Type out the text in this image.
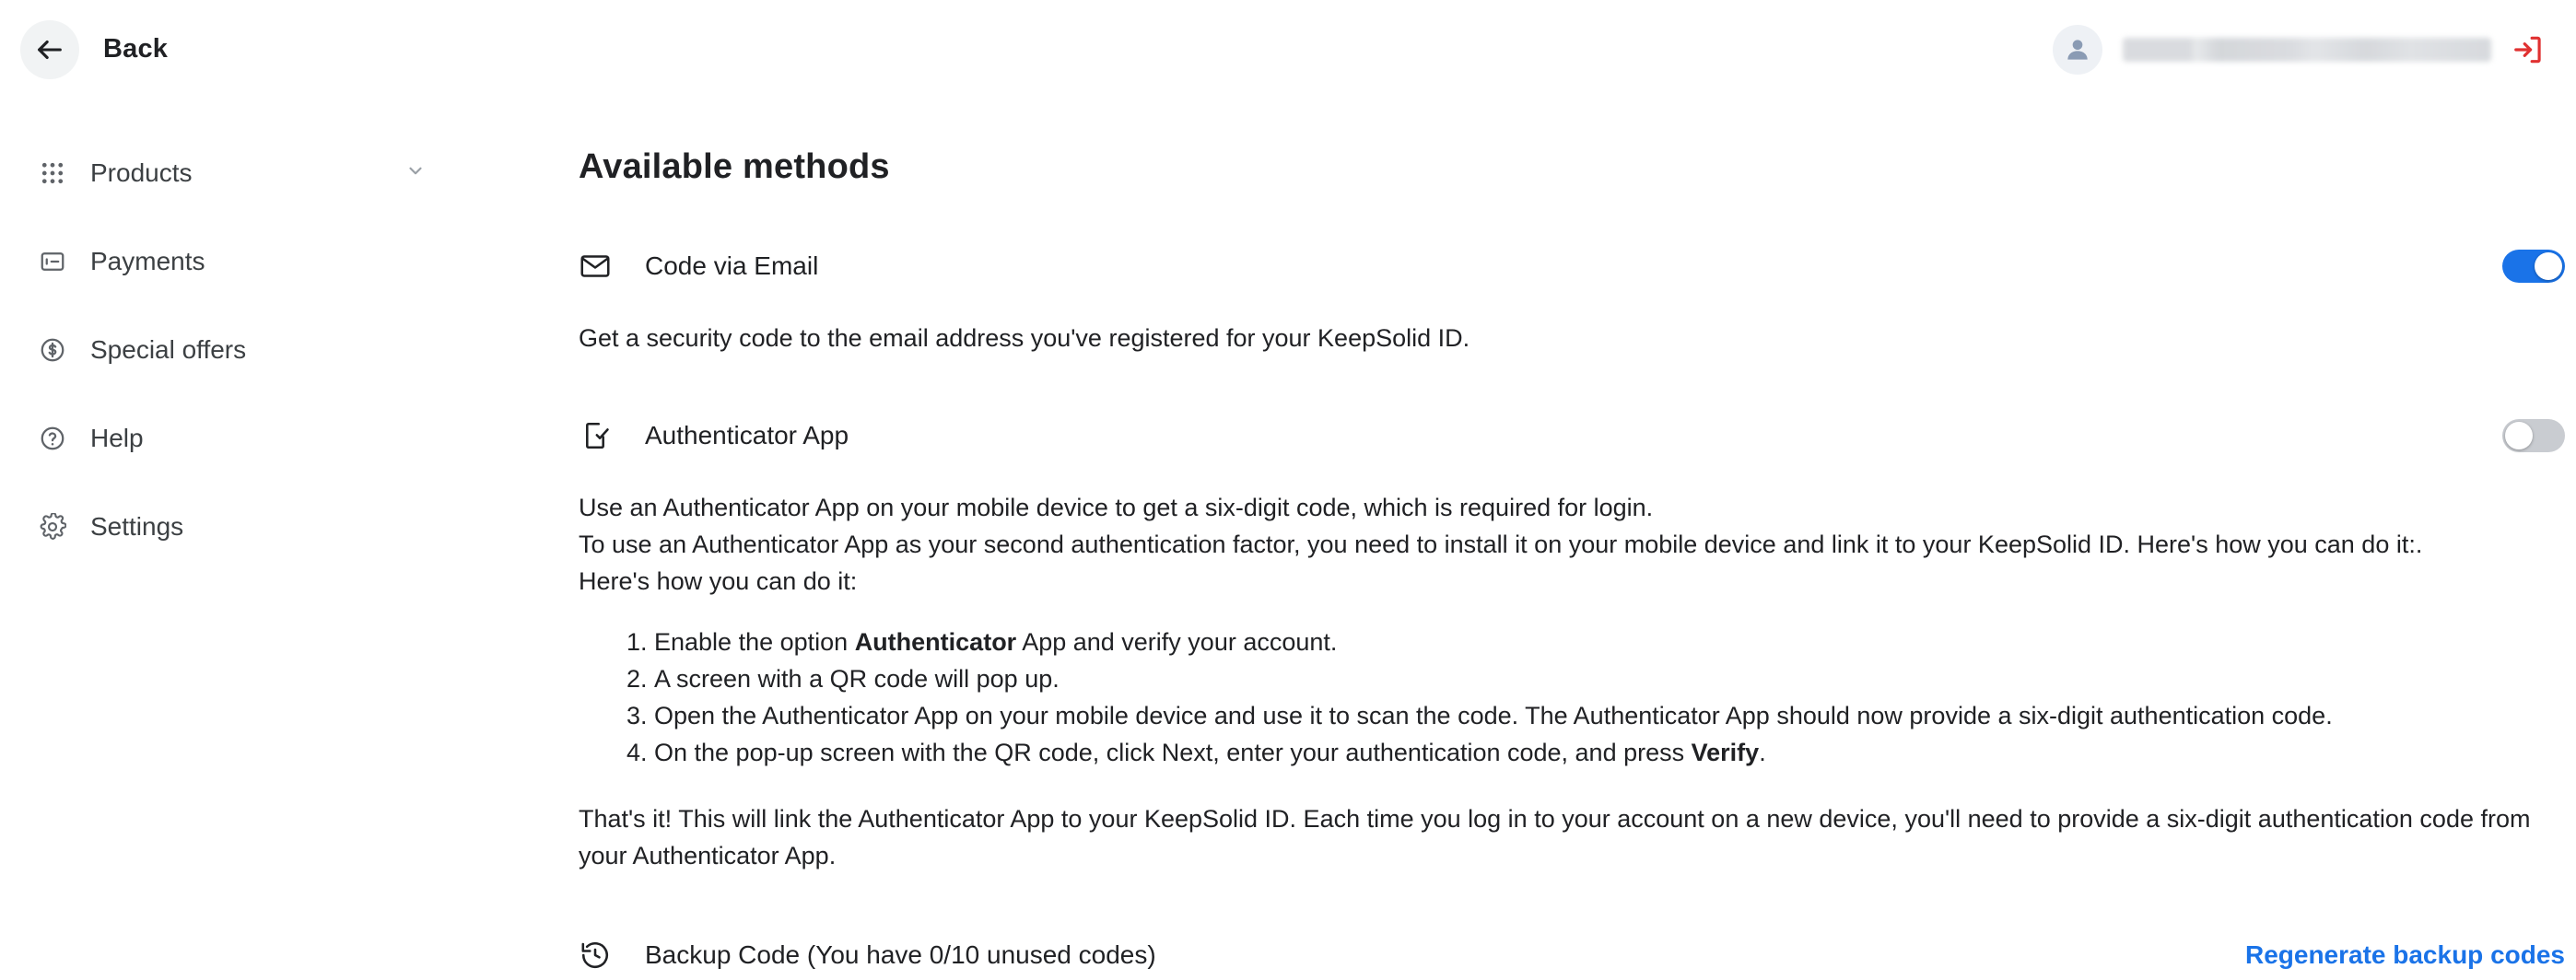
Back
Products
Payments
Special offers
Help
Settings
Available methods
Code via Email
Get a security code to the email address you've registered for your KeepSolid ID.
Authenticator App
Use an Authenticator App on your mobile device to get a six-digit code, which is required for login.
To use an Authenticator App as your second authentication factor, you need to install it on your mobile device and link it to your KeepSolid ID. Here's how you can do it:.
Here's how you can do it:
1. Enable the option Authenticator App and verify your account.
2. A screen with a QR code will pop up.
3. Open the Authenticator App on your mobile device and use it to scan the code. The Authenticator App should now provide a six-digit authentication code.
4. On the pop-up screen with the QR code, click Next, enter your authentication code, and press Verify.
That's it! This will link the Authenticator App to your KeepSolid ID. Each time you log in to your account on a new device, you'll need to provide a six-digit authentication code from your Authenticator App.
Backup Code (You have 0/10 unused codes)	Regenerate backup codes
